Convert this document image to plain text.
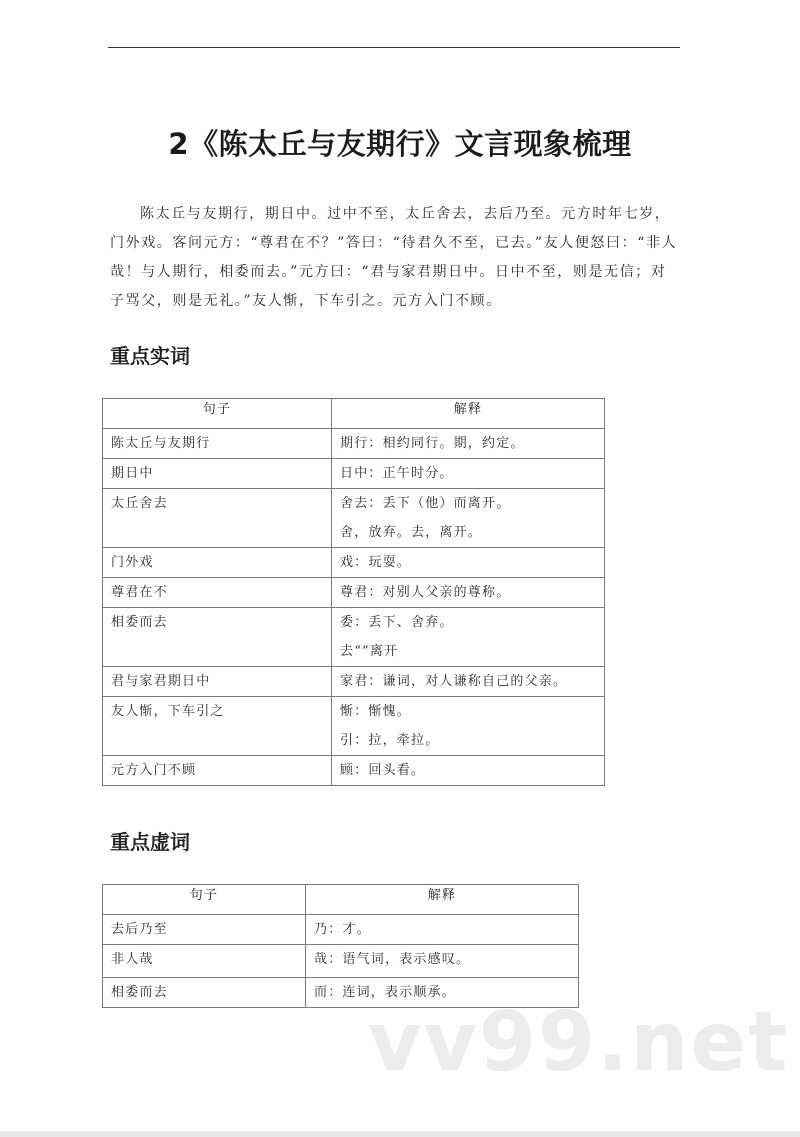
2《陈太丘与友期行》文言现象梳理
陈太丘与友期行，期日中。过中不至，太丘舍去，去后乃至。元方时年七岁，门外戏。客问元方：“尊君在不？”答曰：“待君久不至，已去。”友人便怒曰：“非人哉！与人期行，相委而去。”元方曰：“君与家君期日中。日中不至，则是无信；对子骂父，则是无礼。”友人惭，下车引之。元方入门不顾。
重点实词
句子	解释

陈太丘与友期行	期行：相约同行。期，约定。

期日中	日中：正午时分。

太丘舍去	舍去：丢下（他）而离开。
舍，放弃。去，离开。

门外戏	戏：玩耍。

尊君在不	尊君：对别人父亲的尊称。

相委而去	委：丢下、舍弃。
去“”离开

君与家君期日中	家君：谦词，对人谦称自己的父亲。

友人惭，下车引之	惭：惭愧。
引：拉，牵拉。

元方入门不顾	顾：回头看。
重点虚词
句子	解释

去后乃至	乃：才。

非人哉	哉：语气词，表示感叹。

相委而去	而：连词，表示顺承。
vv99.net
